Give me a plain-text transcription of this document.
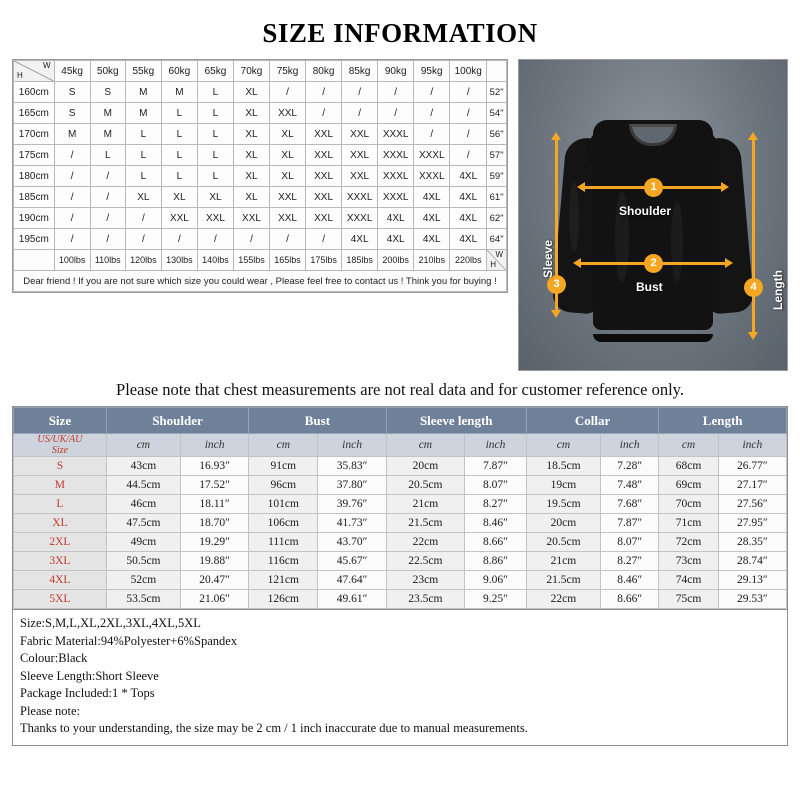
SIZE INFORMATION
H
W	45kg	50kg	55kg	60kg	65kg	70kg	75kg	80kg	85kg	90kg	95kg	100kg	
160cm	S	S	M	M	L	XL	/	/	/	/	/	/	52"
165cm	S	M	M	L	L	XL	XXL	/	/	/	/	/	54"
170cm	M	M	L	L	L	XL	XL	XXL	XXL	XXXL	/	/	56"
175cm	/	L	L	L	L	XL	XL	XXL	XXL	XXXL	XXXL	/	57"
180cm	/	/	L	L	L	XL	XL	XXL	XXL	XXXL	XXXL	4XL	59"
185cm	/	/	XL	XL	XL	XL	XXL	XXL	XXXL	XXXL	4XL	4XL	61"
190cm	/	/	/	XXL	XXL	XXL	XXL	XXL	XXXL	4XL	4XL	4XL	62"
195cm	/	/	/	/	/	/	/	/	4XL	4XL	4XL	4XL	64"
	100lbs	110lbs	120lbs	130lbs	140lbs	155lbs	165lbs	175lbs	185lbs	200lbs	210lbs	220lbs	H
W

Dear friend ! If you are not sure which size you could wear , Please feel free to contact us ! Think you for buying !													
1
Shoulder
2
Bust
3
Sleeve
4	Length
Please note that chest measurements are not real data and for customer reference only.
Size	Shoulder		Bust		Sleeve length		Collar		Length	
US/UK/AU
Size	cm	inch	cm	inch	cm	inch	cm	inch	cm	inch
S	43cm	16.93″	91cm	35.83″	20cm	7.87″	18.5cm	7.28″	68cm	26.77″
M	44.5cm	17.52″	96cm	37.80″	20.5cm	8.07″	19cm	7.48″	69cm	27.17″
L	46cm	18.11″	101cm	39.76″	21cm	8.27″	19.5cm	7.68″	70cm	27.56″
XL	47.5cm	18.70″	106cm	41.73″	21.5cm	8.46″	20cm	7.87″	71cm	27.95″
2XL	49cm	19.29″	111cm	43.70″	22cm	8.66″	20.5cm	8.07″	72cm	28.35″
3XL	50.5cm	19.88″	116cm	45.67″	22.5cm	8.86″	21cm	8.27″	73cm	28.74″
4XL	52cm	20.47″	121cm	47.64″	23cm	9.06″	21.5cm	8.46″	74cm	29.13″
5XL	53.5cm	21.06″	126cm	49.61″	23.5cm	9.25″	22cm	8.66″	75cm	29.53″
Size:S,M,L,XL,2XL,3XL,4XL,5XL
Fabric Material:94%Polyester+6%Spandex
Colour:Black
Sleeve Length:Short Sleeve
Package Included:1 * Tops
Please note:
Thanks to your understanding, the size may be 2 cm / 1 inch inaccurate due to manual measurements.
